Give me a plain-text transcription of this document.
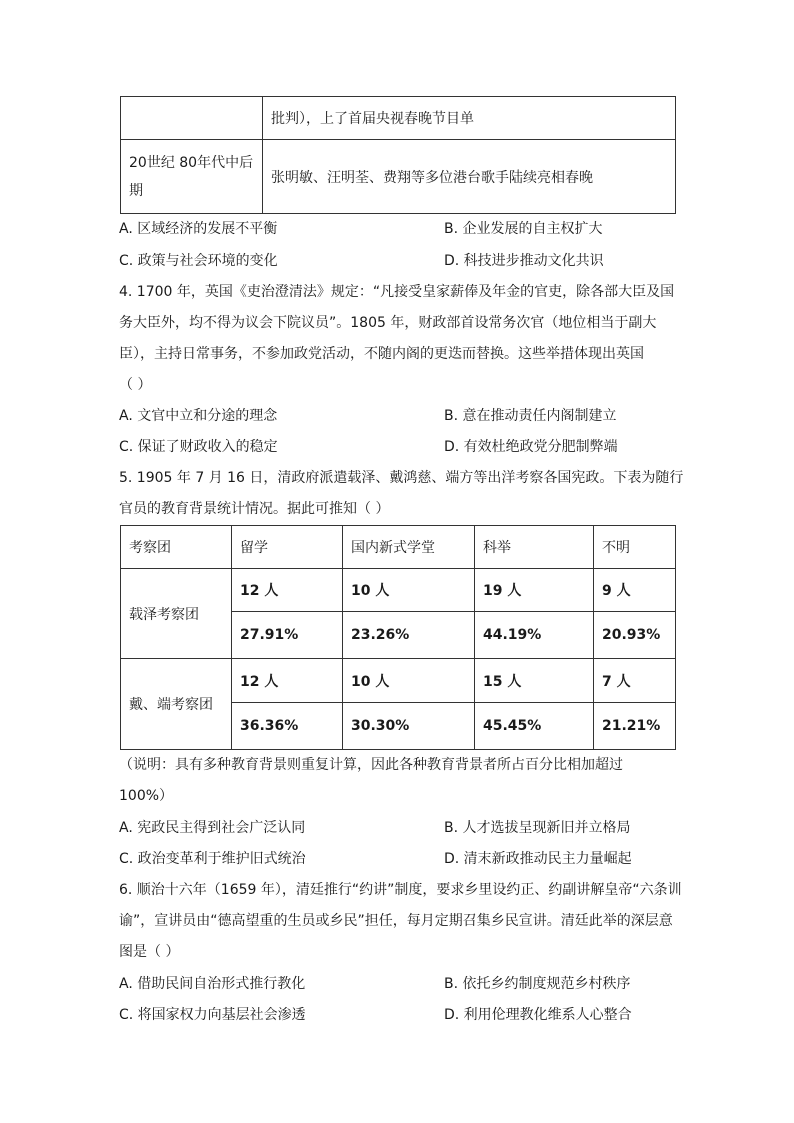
	批判），上了首届央视春晚节目单
20世纪 80年代中后
期	张明敏、汪明荃、费翔等多位港台歌手陆续亮相春晚
A. 区域经济的发展不平衡	B. 企业发展的自主权扩大
C. 政策与社会环境的变化	D. 科技进步推动文化共识
4. 1700 年，英国《吏治澄清法》规定：“凡接受皇家薪俸及年金的官吏，除各部大臣及国
务大臣外，均不得为议会下院议员”。1805 年，财政部首设常务次官（地位相当于副大
臣），主持日常事务，不参加政党活动，不随内阁的更迭而替换。这些举措体现出英国
（ ）
A. 文官中立和分途的理念	B. 意在推动责任内阁制建立
C. 保证了财政收入的稳定	D. 有效杜绝政党分肥制弊端
5. 1905 年 7 月 16 日，清政府派遣载泽、戴鸿慈、端方等出洋考察各国宪政。下表为随行
官员的教育背景统计情况。据此可推知（ ）
考察团	留学	国内新式学堂	科举	不明
载泽考察团	12 人	10 人	19 人	9 人
	27.91%	23.26%	44.19%	20.93%
戴、端考察团	12 人	10 人	15 人	7 人
	36.36%	30.30%	45.45%	21.21%
（说明：具有多种教育背景则重复计算，因此各种教育背景者所占百分比相加超过
100%）
A. 宪政民主得到社会广泛认同	B. 人才选拔呈现新旧并立格局
C. 政治变革利于维护旧式统治	D. 清末新政推动民主力量崛起
6. 顺治十六年（1659 年），清廷推行“约讲”制度，要求乡里设约正、约副讲解皇帝“六条训
谕”，宣讲员由“德高望重的生员或乡民”担任，每月定期召集乡民宣讲。清廷此举的深层意
图是（ ）
A. 借助民间自治形式推行教化	B. 依托乡约制度规范乡村秩序
C. 将国家权力向基层社会渗透	D. 利用伦理教化维系人心整合
